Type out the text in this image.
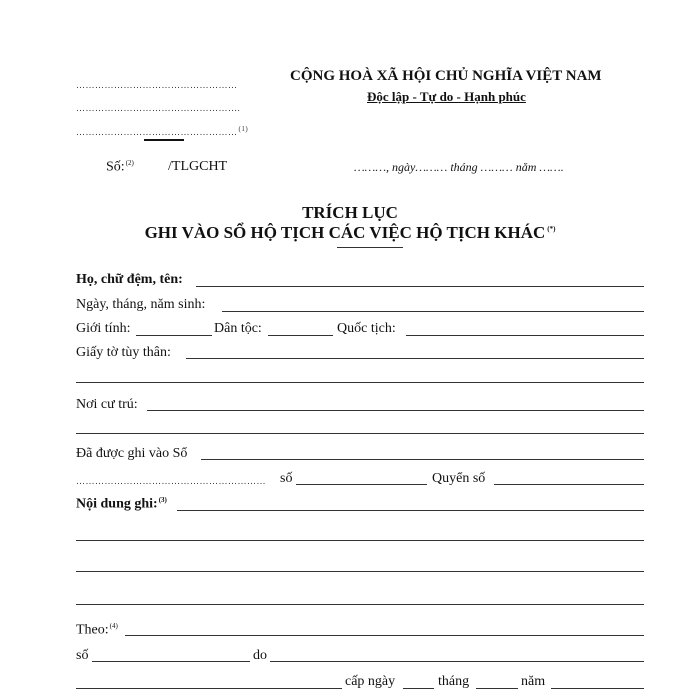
……………………………………………
…………………………………………….
……………………………………………$^{(1)}$
CỘNG HOÀ XÃ HỘI CHỦ NGHĨA VIỆT NAM
Độc lập - Tự do - Hạnh phúc
Số:$^{(2)}$ /TLGCHT	………, ngày……… tháng ……… năm …….
TRÍCH LỤC
GHI VÀO SỔ HỘ TỊCH CÁC VIỆC HỘ TỊCH KHÁC (*)
Họ, chữ đệm, tên:
Ngày, tháng, năm sinh:
Giới tính:	Dân tộc:	Quốc tịch:
Giấy tờ tùy thân:
Nơi cư trú:
Đã được ghi vào Sổ
…………………………………………………… số	Quyển số
Nội dung ghi:$^{(3)}$
Theo:$^{(4)}$
số	do
cấp ngày	tháng	năm
